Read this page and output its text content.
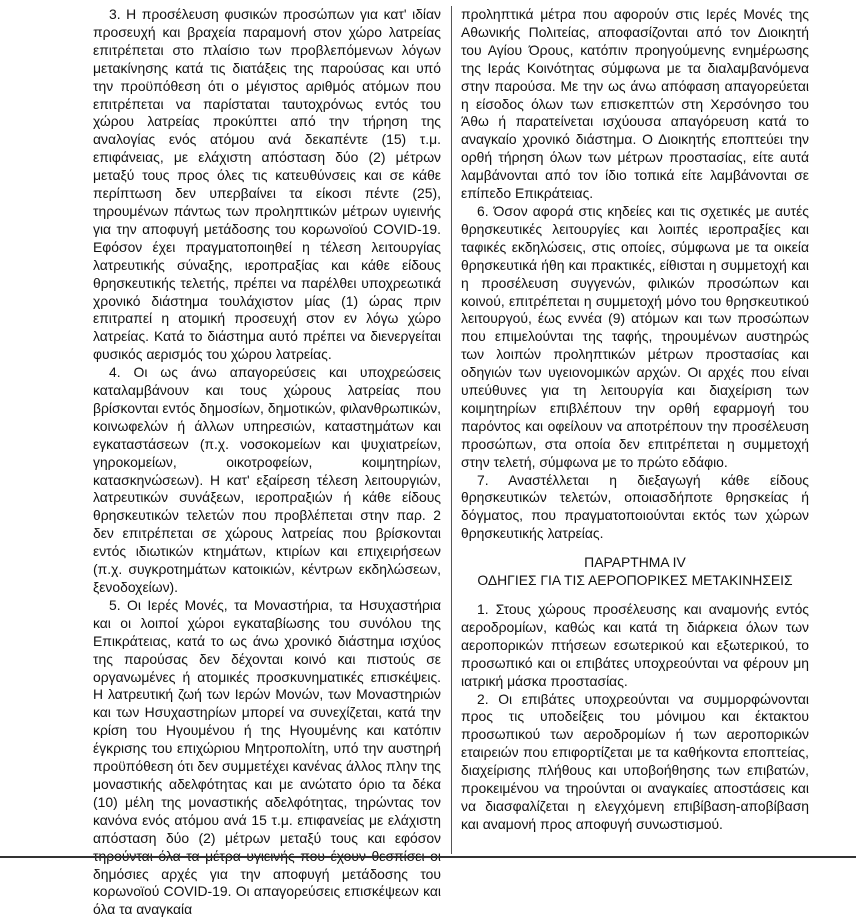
3. Η προσέλευση φυσικών προσώπων για κατ' ιδίαν προσευχή και βραχεία παραμονή στον χώρο λατρείας επιτρέπεται στο πλαίσιο των προβλεπόμενων λόγων μετακίνησης κατά τις διατάξεις της παρούσας και υπό την προϋπόθεση ότι ο μέγιστος αριθμός ατόμων που επιτρέπεται να παρίσταται ταυτοχρόνως εντός του χώρου λατρείας προκύπτει από την τήρηση της αναλογίας ενός ατόμου ανά δεκαπέντε (15) τ.μ. επιφάνειας, με ελάχιστη απόσταση δύο (2) μέτρων μεταξύ τους προς όλες τις κατευθύνσεις και σε κάθε περίπτωση δεν υπερβαίνει τα είκοσι πέντε (25), τηρουμένων πάντως των προληπτικών μέτρων υγιεινής για την αποφυγή μετάδοσης του κορωνοϊού COVID-19. Εφόσον έχει πραγματοποιηθεί η τέλεση λειτουργίας λατρευτικής σύναξης, ιεροπραξίας και κάθε είδους θρησκευτικής τελετής, πρέπει να παρέλθει υποχρεωτικά χρονικό διάστημα τουλάχιστον μίας (1) ώρας πριν επιτραπεί η ατομική προσευχή στον εν λόγω χώρο λατρείας. Κατά το διάστημα αυτό πρέπει να διενεργείται φυσικός αερισμός του χώρου λατρείας.

4. Οι ως άνω απαγορεύσεις και υποχρεώσεις καταλαμβάνουν και τους χώρους λατρείας που βρίσκονται εντός δημοσίων, δημοτικών, φιλανθρωπικών, κοινωφελών ή άλλων υπηρεσιών, καταστημάτων και εγκαταστάσεων (π.χ. νοσοκομείων και ψυχιατρείων, γηροκομείων, οικοτροφείων, κοιμητηρίων, κατασκηνώσεων). Η κατ' εξαίρεση τέλεση λειτουργιών, λατρευτικών συνάξεων, ιεροπραξιών ή κάθε είδους θρησκευτικών τελετών που προβλέπεται στην παρ. 2 δεν επιτρέπεται σε χώρους λατρείας που βρίσκονται εντός ιδιωτικών κτημάτων, κτιρίων και επιχειρήσεων (π.χ. συγκροτημάτων κατοικιών, κέντρων εκδηλώσεων, ξενοδοχείων).

5. Οι Ιερές Μονές, τα Μοναστήρια, τα Ησυχαστήρια και οι λοιποί χώροι εγκαταβίωσης του συνόλου της Επικράτειας, κατά το ως άνω χρονικό διάστημα ισχύος της παρούσας δεν δέχονται κοινό και πιστούς σε οργανωμένες ή ατομικές προσκυνηματικές επισκέψεις. Η λατρευτική ζωή των Ιερών Μονών, των Μοναστηριών και των Ησυχαστηρίων μπορεί να συνεχίζεται, κατά την κρίση του Ηγουμένου ή της Ηγουμένης και κατόπιν έγκρισης του επιχώριου Μητροπολίτη, υπό την αυστηρή προϋπόθεση ότι δεν συμμετέχει κανένας άλλος πλην της μοναστικής αδελφότητας και με ανώτατο όριο τα δέκα (10) μέλη της μοναστικής αδελφότητας, τηρώντας τον κανόνα ενός ατόμου ανά 15 τ.μ. επιφανείας με ελάχιστη απόσταση δύο (2) μέτρων μεταξύ τους και εφόσον δημόσιες αρχές για την αποφυγή μετάδοσης του κορωνοϊού COVID-19. Οι απαγορεύσεις επισκέψεων και όλα τα αναγκαία

προληπτικά μέτρα που αφορούν στις Ιερές Μονές της Αθωνικής Πολιτείας, αποφασίζονται από τον Διοικητή του Αγίου Όρους, κατόπιν προηγούμενης ενημέρωσης της Ιεράς Κοινότητας σύμφωνα με τα διαλαμβανόμενα στην παρούσα. Με την ως άνω απόφαση απαγορεύεται η είσοδος όλων των επισκεπτών στη Χερσόνησο του Άθω ή παρατείνεται ισχύουσα απαγόρευση κατά το αναγκαίο χρονικό διάστημα. Ο Διοικητής εποπτεύει την ορθή τήρηση όλων των μέτρων προστασίας, είτε αυτά λαμβάνονται από τον ίδιο τοπικά είτε λαμβάνονται σε επίπεδο Επικράτειας.

6. Όσον αφορά στις κηδείες και τις σχετικές με αυτές θρησκευτικές λειτουργίες και λοιπές ιεροπραξίες και ταφικές εκδηλώσεις, στις οποίες, σύμφωνα με τα οικεία θρησκευτικά ήθη και πρακτικές, είθισται η συμμετοχή και η προσέλευση συγγενών, φιλικών προσώπων και κοινού, επιτρέπεται η συμμετοχή μόνο του θρησκευτικού λειτουργού, έως εννέα (9) ατόμων και των προσώπων που επιμελούνται της ταφής, τηρουμένων αυστηρώς των λοιπών προληπτικών μέτρων προστασίας και οδηγιών των υγειονομικών αρχών. Οι αρχές που είναι υπεύθυνες για τη λειτουργία και διαχείριση των κοιμητηρίων επιβλέπουν την ορθή εφαρμογή του παρόντος και οφείλουν να αποτρέπουν την προσέλευση προσώπων, στα οποία δεν επιτρέπεται η συμμετοχή στην τελετή, σύμφωνα με το πρώτο εδάφιο.

7. Αναστέλλεται η διεξαγωγή κάθε είδους θρησκευτικών τελετών, οποιασδήποτε θρησκείας ή δόγματος, που πραγματοποιούνται εκτός των χώρων θρησκευτικής λατρείας.

ΠΑΡΑΡΤΗΜΑ IV

ΟΔΗΓΙΕΣ ΓΙΑ ΤΙΣ ΑΕΡΟΠΟΡΙΚΕΣ ΜΕΤΑΚΙΝΗΣΕΙΣ

1. Στους χώρους προσέλευσης και αναμονής εντός αεροδρομίων, καθώς και κατά τη διάρκεια όλων των αεροπορικών πτήσεων εσωτερικού και εξωτερικού, το προσωπικό και οι επιβάτες υποχρεούνται να φέρουν μη ιατρική μάσκα προστασίας.

2. Οι επιβάτες υποχρεούνται να συμμορφώνονται προς τις υποδείξεις του μόνιμου και έκτακτου προσωπικού των αεροδρομίων ή των αεροπορικών εταιρειών που επιφορτίζεται με τα καθήκοντα εποπτείας, διαχείρισης πλήθους και υποβοήθησης των επιβατών, προκειμένου να τηρούνται οι αναγκαίες αποστάσεις και να διασφαλίζεται η ελεγχόμενη επιβίβαση-αποβίβαση και αναμονή προς αποφυγή συνωστισμού.
